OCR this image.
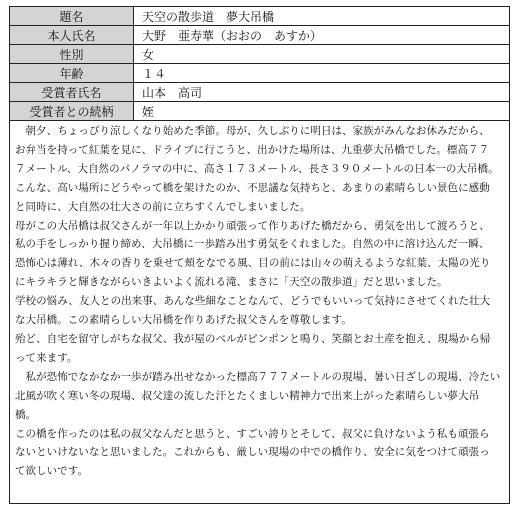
題名	天空の散歩道　夢大吊橋
本人氏名	大野　亜寿華（おおの　あすか）
性別	女
年齢	１４
受賞者氏名	山本　高司
受賞者との続柄	姪

　朝夕、ちょっぴり涼しくなり始めた季節。母が、久しぶりに明日は、家族がみんなお休みだから、

お弁当を持って紅葉を見に、ドライブに行こうと、出かけた場所は、九重夢大吊橋でした。標高７７

７メートル、大自然のパノラマの中に、高さ１７３メートル、長さ３９０メートルの日本一の大吊橋。

こんな、高い場所にどうやって橋を架けたのか、不思議な気持ちと、あまりの素晴らしい景色に感動

と同時に、大自然の壮大さの前に立ちすくんでしまいました。

母がこの大吊橋は叔父さんが一年以上かかり頑張って作りあげた橋だから、勇気を出して渡ろうと、

私の手をしっかり握り締め、大吊橋に一歩踏み出す勇気をくれました。自然の中に溶け込んだ一瞬、

恐怖心は薄れ、木々の香りを乗せて頬をなでる風、目の前には山々の萌えるような紅葉、太陽の光り

にキラキラと輝きながらいきよいよく流れる滝、まさに「天空の散歩道」だと思いました。

学校の悩み、友人との出来事、あんな些細なことなんて、どうでもいいって気持にさせてくれた壮大

な大吊橋。この素晴らしい大吊橋を作りあげた叔父さんを尊敬します。

殆ど、自宅を留守しがちな叔父、我が屋のベルがピンポンと鳴り、笑顔とお土産を抱え、現場から帰

って来ます。

　私が恐怖でなかなか一歩が踏み出せなかった標高７７７メートルの現場、暑い日ざしの現場、冷たい

北風が吹く寒い冬の現場、叔父達の流した汗とたくましい精神力で出来上がった素晴らしい夢大吊

橋。

この橋を作ったのは私の叔父なんだと思うと、すごい誇りとそして、叔父に負けないよう私も頑張ら

ないといけないなと思いました。これからも、厳しい現場の中での橋作り、安全に気をつけて頑張っ

て欲しいです。
